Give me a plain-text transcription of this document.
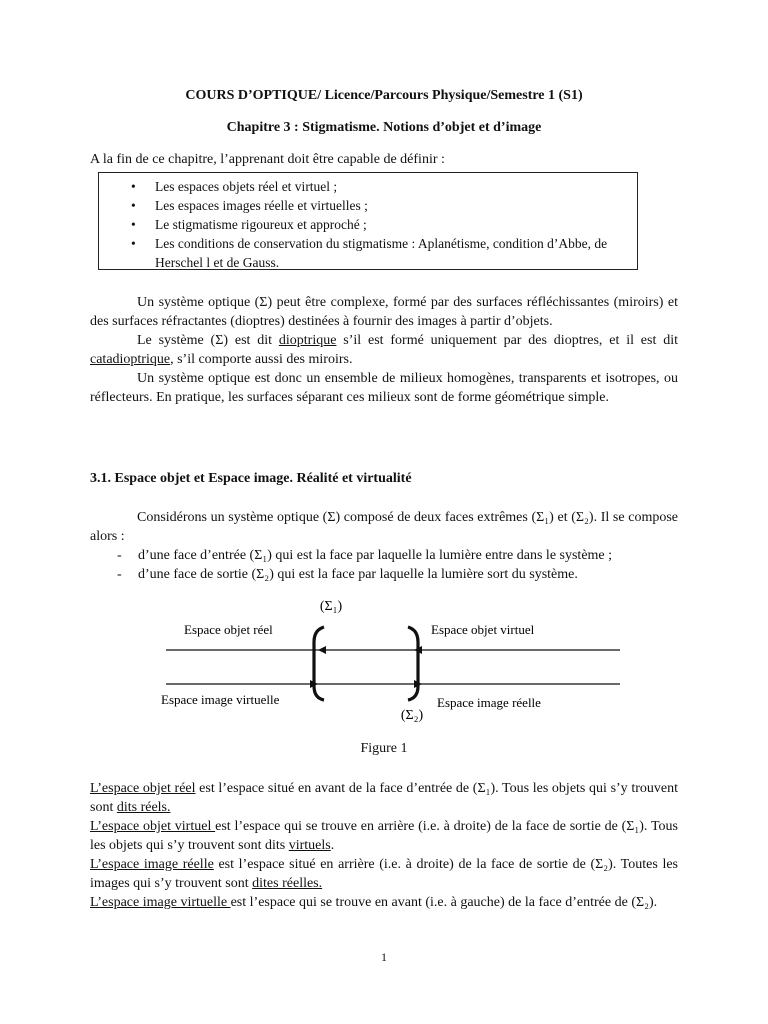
COURS D’OPTIQUE/ Licence/Parcours Physique/Semestre 1 (S1)
Chapitre 3 : Stigmatisme. Notions d’objet et d’image
A la fin de ce chapitre, l’apprenant doit être capable de définir :
• Les espaces objets réel et virtuel ;
• Les espaces images réelle et virtuelles ;
• Le stigmatisme rigoureux et approché ;
• Les conditions de conservation du stigmatisme : Aplanétisme, condition d’Abbe, de Herschel l et de Gauss.

Un système optique (Σ) peut être complexe, formé par des surfaces réfléchissantes (miroirs) et des surfaces réfractantes (dioptres) destinées à fournir des images à partir d’objets.

Le système (Σ) est dit dioptrique s’il est formé uniquement par des dioptres, et il est dit catadioptrique, s’il comporte aussi des miroirs.

Un système optique est donc un ensemble de milieux homogènes, transparents et isotropes, ou réflecteurs. En pratique, les surfaces séparant ces milieux sont de forme géométrique simple.

3.1. Espace objet et Espace image. Réalité et virtualité

Considérons un système optique (Σ) composé de deux faces extrêmes (Σ₁) et (Σ₂). Il se compose alors :

- d’une face d’entrée (Σ₁) qui est la face par laquelle la lumière entre dans le système ;
- d’une face de sortie (Σ₂) qui est la face par laquelle la lumière sort du système.
(Σ₁)
(Σ₂)
Espace objet réel	Espace objet virtuel
Espace image virtuelle	Espace image réelle
Figure 1

L’espace objet réel est l’espace situé en avant de la face d’entrée de (Σ₁). Tous les objets qui s’y trouvent sont dits réels.

L’espace objet virtuel est l’espace qui se trouve en arrière (i.e. à droite) de la face de sortie de (Σ₁). Tous les objets qui s’y trouvent sont dits virtuels.

L’espace image réelle est l’espace situé en arrière (i.e. à droite) de la face de sortie de (Σ₂). Toutes les images qui s’y trouvent sont dites réelles.

L’espace image virtuelle est l’espace qui se trouve en avant (i.e. à gauche) de la face d’entrée de (Σ₂).

1
